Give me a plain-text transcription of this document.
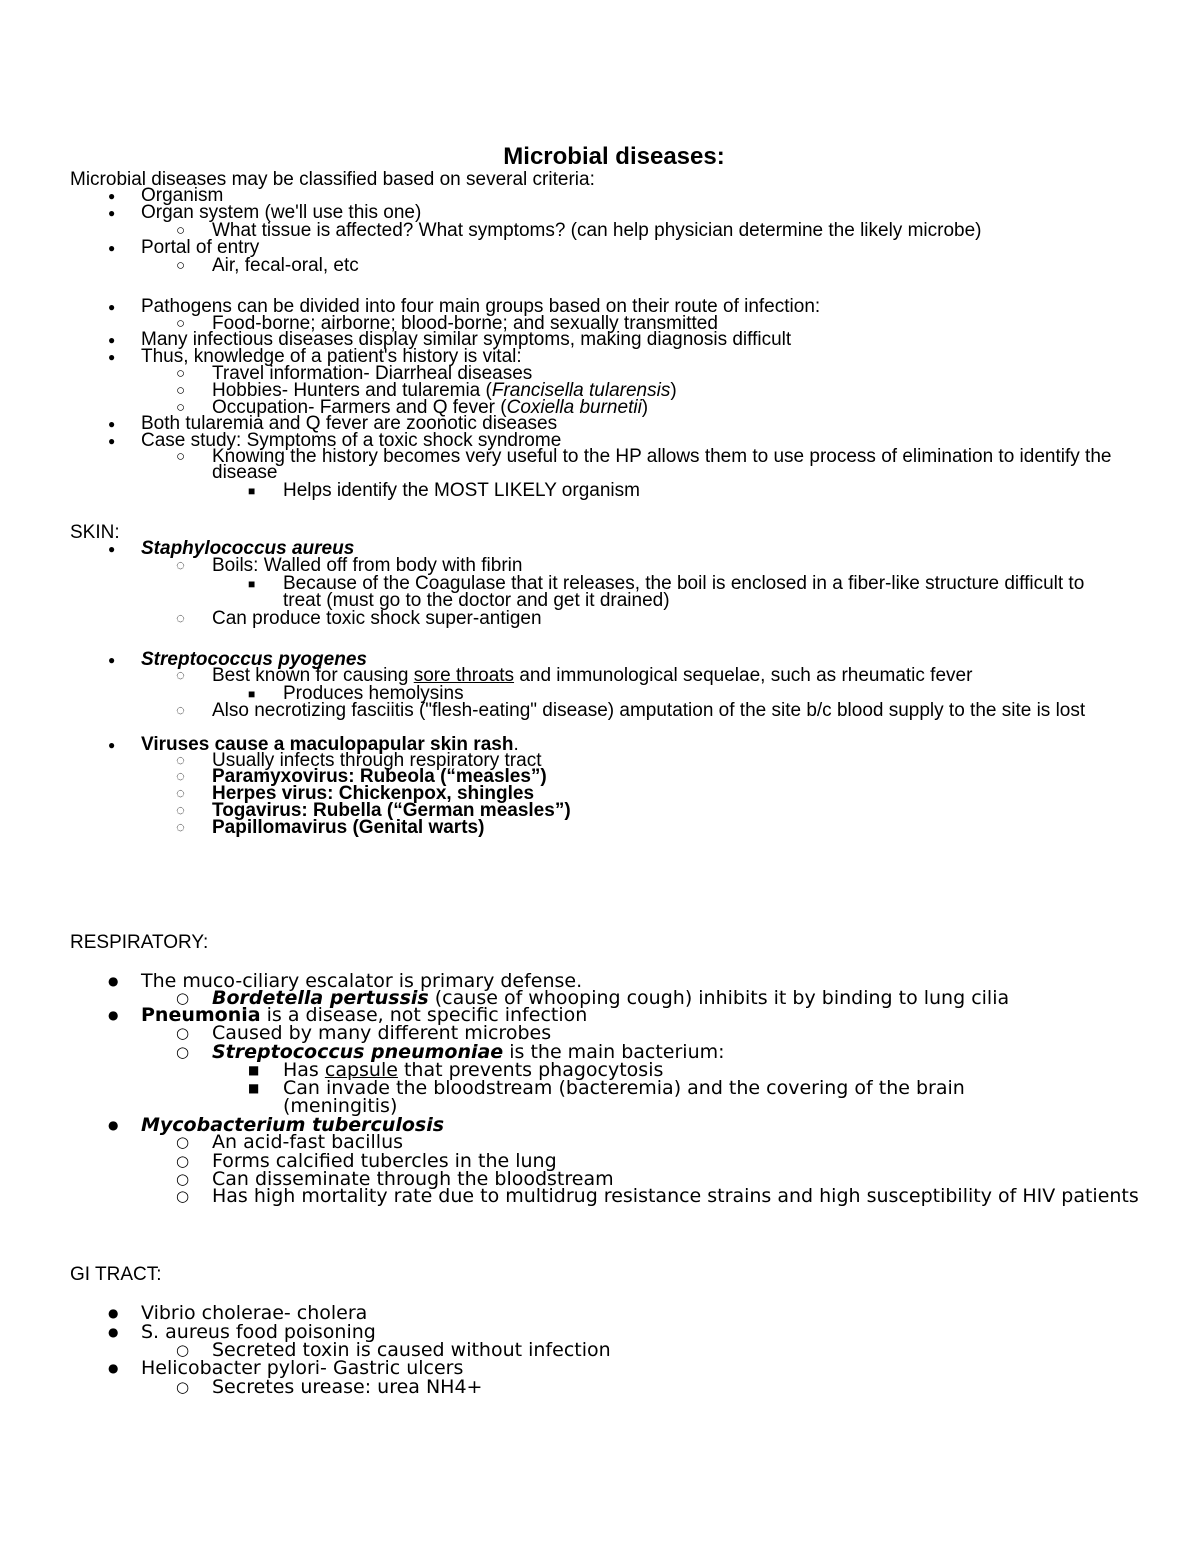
Microbial diseases:
Microbial diseases may be classified based on several criteria:
● Organism
● Organ system (we'll use this one)
○ What tissue is affected? What symptoms? (can help physician determine the likely microbe)
● Portal of entry
○ Air, fecal-oral, etc
● Pathogens can be divided into four main groups based on their route of infection:
○ Food-borne; airborne; blood-borne; and sexually transmitted
● Many infectious diseases display similar symptoms, making diagnosis difficult
● Thus, knowledge of a patient's history is vital:
○ Travel information- Diarrheal diseases
○ Hobbies- Hunters and tularemia (Francisella tularensis)
○ Occupation- Farmers and Q fever (Coxiella burnetii)
● Both tularemia and Q fever are zoonotic diseases
● Case study: Symptoms of a toxic shock syndrome
○ Knowing the history becomes very useful to the HP allows them to use process of elimination to identify the disease
■ Helps identify the MOST LIKELY organism
SKIN:
● Staphylococcus aureus
◌ Boils: Walled off from body with fibrin
■ Because of the Coagulase that it releases, the boil is enclosed in a fiber-like structure difficult to treat (must go to the doctor and get it drained)
◌ Can produce toxic shock super-antigen
● Streptococcus pyogenes
◌ Best known for causing sore throats and immunological sequelae, such as rheumatic fever
■ Produces hemolysins
◌ Also necrotizing fasciitis ("flesh-eating" disease) amputation of the site b/c blood supply to the site is lost
● Viruses cause a maculopapular skin rash.
◌ Usually infects through respiratory tract
◌ Paramyxovirus: Rubeola (“measles”)
◌ Herpes virus: Chickenpox, shingles
◌ Togavirus: Rubella (“German measles”)
◌ Papillomavirus (Genital warts)
RESPIRATORY:
● The muco-ciliary escalator is primary defense.
○ Bordetella pertussis (cause of whooping cough) inhibits it by binding to lung cilia
● Pneumonia is a disease, not specific infection
○ Caused by many different microbes
○ Streptococcus pneumoniae is the main bacterium:
■ Has capsule that prevents phagocytosis
■ Can invade the bloodstream (bacteremia) and the covering of the brain (meningitis)
● Mycobacterium tuberculosis
○ An acid-fast bacillus
○ Forms calcified tubercles in the lung
○ Can disseminate through the bloodstream
○ Has high mortality rate due to multidrug resistance strains and high susceptibility of HIV patients
GI TRACT:
● Vibrio cholerae- cholera
● S. aureus food poisoning
○ Secreted toxin is caused without infection
● Helicobacter pylori- Gastric ulcers
○ Secretes urease: urea NH4+
